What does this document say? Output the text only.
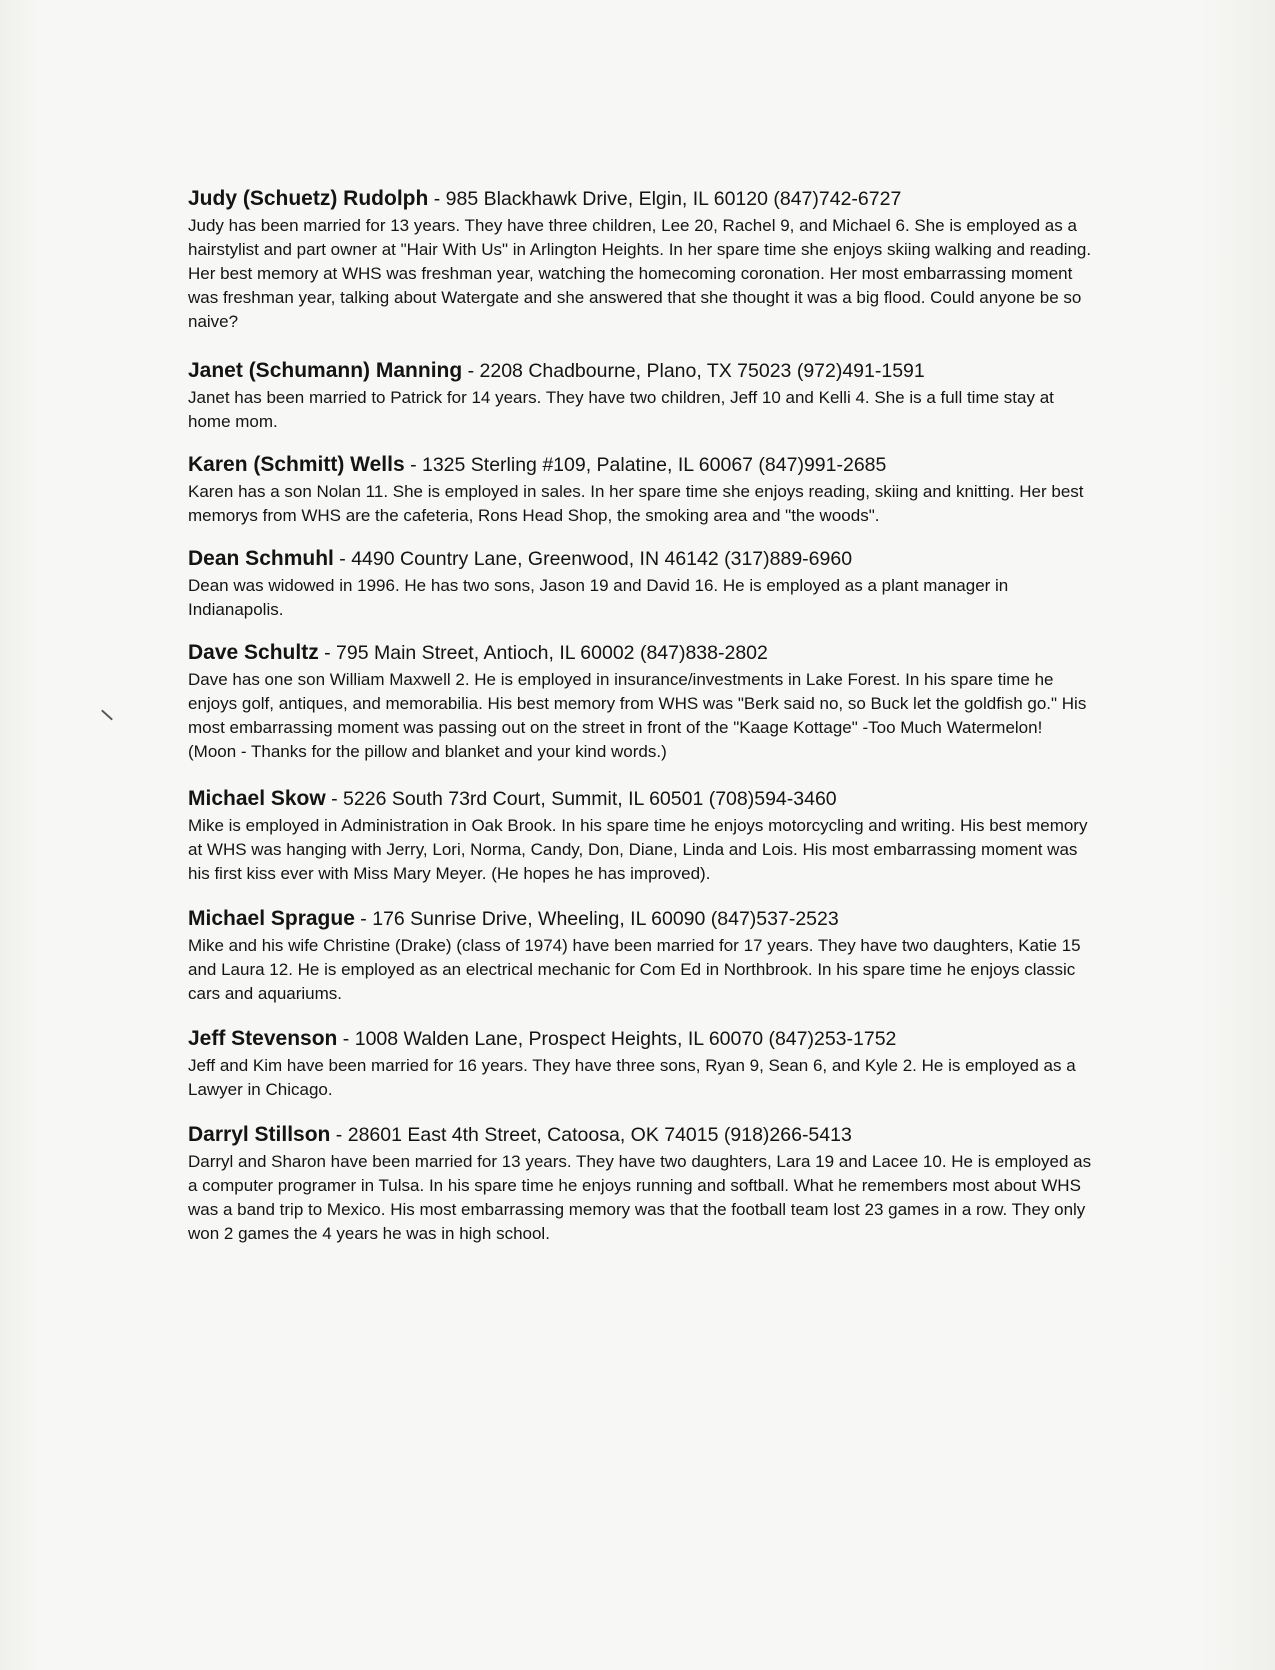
Judy (Schuetz) Rudolph - 985 Blackhawk Drive, Elgin, IL 60120 (847)742-6727

Judy has been married for 13 years. They have three children, Lee 20, Rachel 9, and Michael 6. She is employed as a hairstylist and part owner at "Hair With Us" in Arlington Heights. In her spare time she enjoys skiing walking and reading. Her best memory at WHS was freshman year, watching the homecoming coronation. Her most embarrassing moment was freshman year, talking about Watergate and she answered that she thought it was a big flood. Could anyone be so naive?

Janet (Schumann) Manning - 2208 Chadbourne, Plano, TX 75023 (972)491-1591

Janet has been married to Patrick for 14 years. They have two children, Jeff 10 and Kelli 4. She is a full time stay at home mom.

Karen (Schmitt) Wells - 1325 Sterling #109, Palatine, IL 60067 (847)991-2685

Karen has a son Nolan 11. She is employed in sales. In her spare time she enjoys reading, skiing and knitting. Her best memorys from WHS are the cafeteria, Rons Head Shop, the smoking area and "the woods".

Dean Schmuhl - 4490 Country Lane, Greenwood, IN 46142 (317)889-6960

Dean was widowed in 1996. He has two sons, Jason 19 and David 16. He is employed as a plant manager in Indianapolis.

Dave Schultz - 795 Main Street, Antioch, IL 60002 (847)838-2802

Dave has one son William Maxwell 2. He is employed in insurance/investments in Lake Forest. In his spare time he enjoys golf, antiques, and memorabilia. His best memory from WHS was "Berk said no, so Buck let the goldfish go." His most embarrassing moment was passing out on the street in front of the "Kaage Kottage" -Too Much Watermelon! (Moon - Thanks for the pillow and blanket and your kind words.)

Michael Skow - 5226 South 73rd Court, Summit, IL 60501 (708)594-3460

Mike is employed in Administration in Oak Brook. In his spare time he enjoys motorcycling and writing. His best memory at WHS was hanging with Jerry, Lori, Norma, Candy, Don, Diane, Linda and Lois. His most embarrassing moment was his first kiss ever with Miss Mary Meyer. (He hopes he has improved).

Michael Sprague - 176 Sunrise Drive, Wheeling, IL 60090 (847)537-2523

Mike and his wife Christine (Drake) (class of 1974) have been married for 17 years. They have two daughters, Katie 15 and Laura 12. He is employed as an electrical mechanic for Com Ed in Northbrook. In his spare time he enjoys classic cars and aquariums.

Jeff Stevenson - 1008 Walden Lane, Prospect Heights, IL 60070 (847)253-1752

Jeff and Kim have been married for 16 years. They have three sons, Ryan 9, Sean 6, and Kyle 2. He is employed as a Lawyer in Chicago.

Darryl Stillson - 28601 East 4th Street, Catoosa, OK 74015 (918)266-5413

Darryl and Sharon have been married for 13 years. They have two daughters, Lara 19 and Lacee 10. He is employed as a computer programer in Tulsa. In his spare time he enjoys running and softball. What he remembers most about WHS was a band trip to Mexico. His most embarrassing memory was that the football team lost 23 games in a row. They only won 2 games the 4 years he was in high school.
